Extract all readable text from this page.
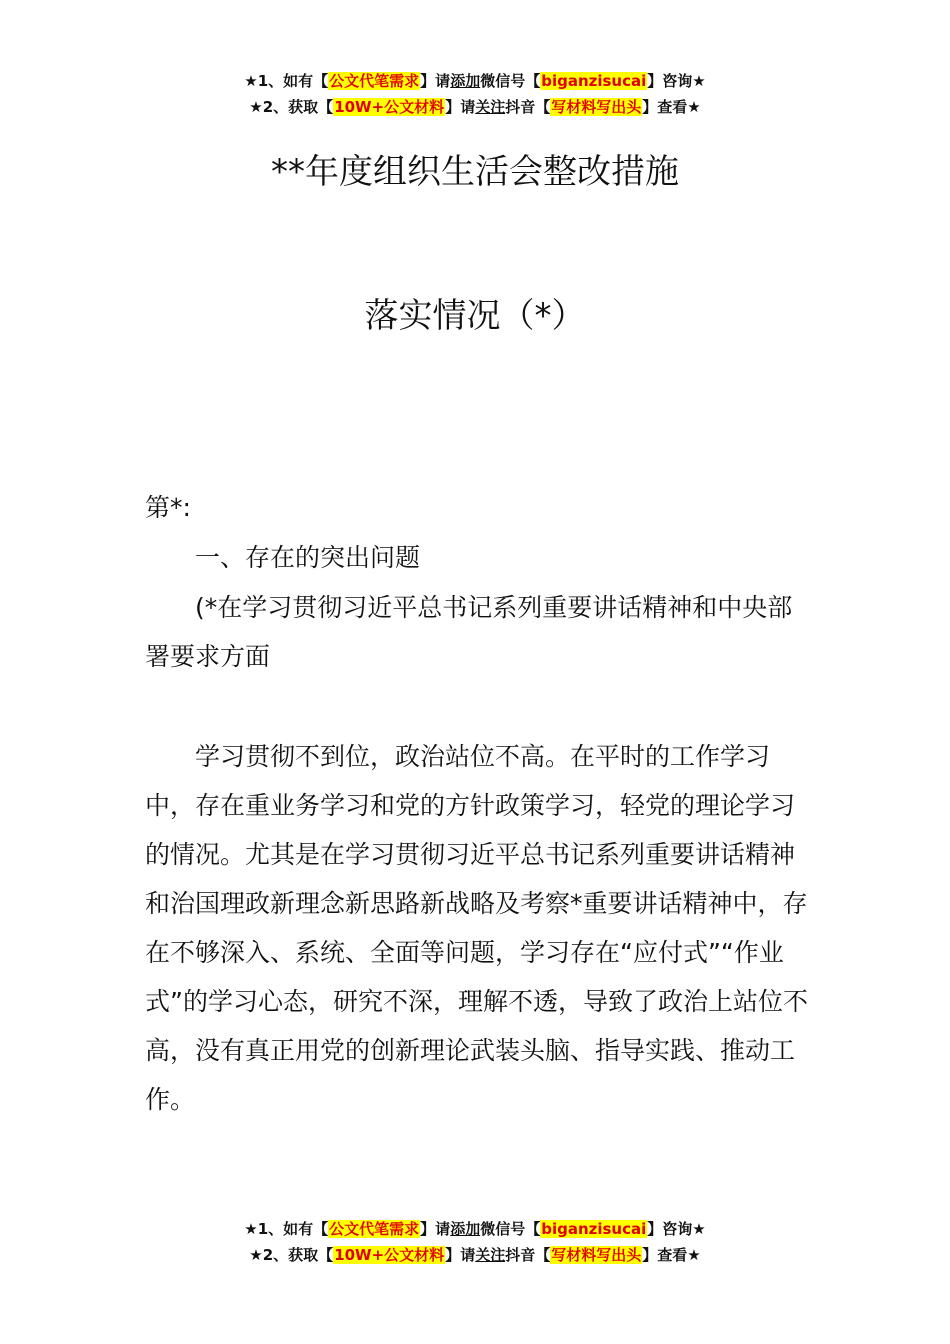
★1、如有【公文代笔需求】请添加微信号【biganzisucai】咨询★
★2、获取【10W+公文材料】请关注抖音【写材料写出头】查看★
**年度组织生活会整改措施
落实情况（*）
第*:
一、存在的突出问题
(*在学习贯彻习近平总书记系列重要讲话精神和中央部署要求方面
学习贯彻不到位，政治站位不高。在平时的工作学习中，存在重业务学习和党的方针政策学习，轻党的理论学习的情况。尤其是在学习贯彻习近平总书记系列重要讲话精神和治国理政新理念新思路新战略及考察*重要讲话精神中，存在不够深入、系统、全面等问题，学习存在“应付式”“作业式”的学习心态，研究不深，理解不透，导致了政治上站位不高，没有真正用党的创新理论武装头脑、指导实践、推动工作。
★1、如有【公文代笔需求】请添加微信号【biganzisucai】咨询★
★2、获取【10W+公文材料】请关注抖音【写材料写出头】查看★
